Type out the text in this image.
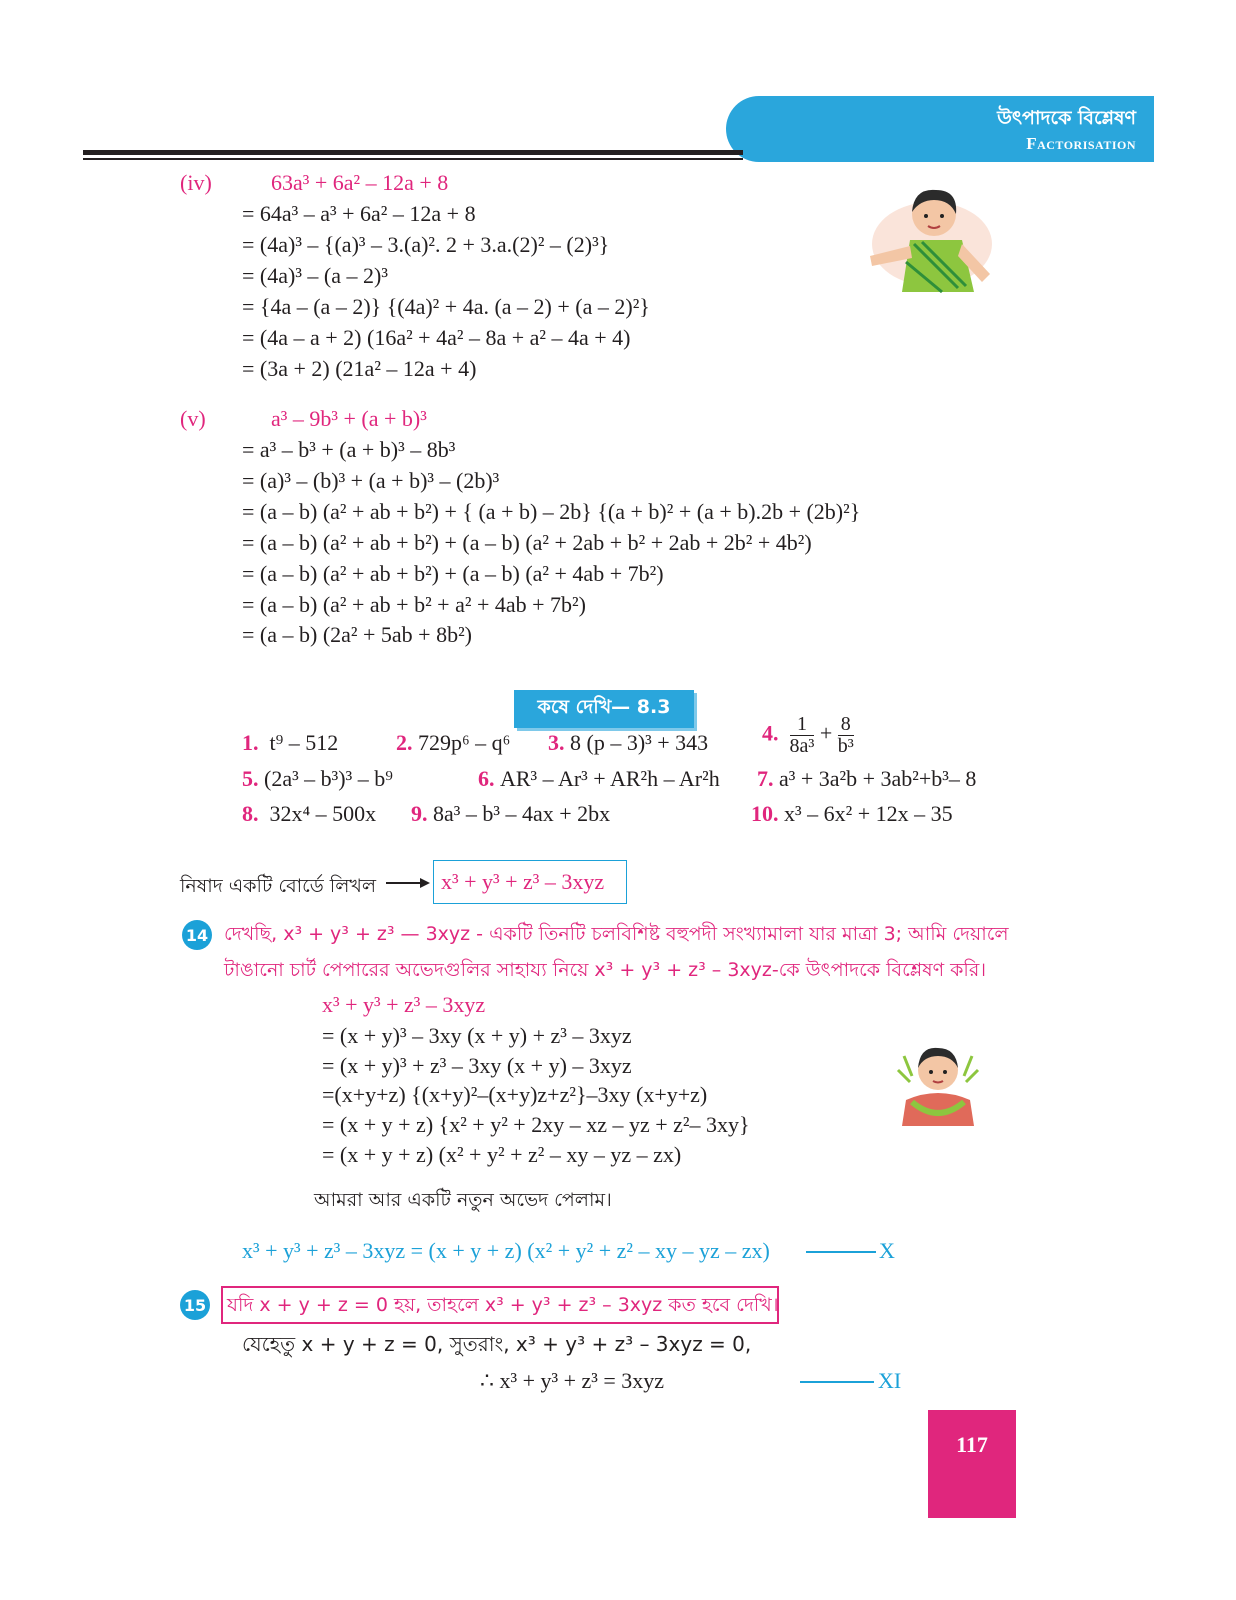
উৎপাদকে বিশ্লেষণ
Factorisation
(iv)	63a³ + 6a² – 12a + 8
= 64a³ – a³ + 6a² – 12a + 8
= (4a)³ – {(a)³ – 3.(a)². 2 + 3.a.(2)² – (2)³}
= (4a)³ – (a – 2)³
= {4a – (a – 2)} {(4a)² + 4a. (a – 2) + (a – 2)²}
= (4a – a + 2) (16a² + 4a² – 8a + a² – 4a + 4)
= (3a + 2) (21a² – 12a + 4)
(v)	a³ – 9b³ + (a + b)³
= a³ – b³ + (a + b)³ – 8b³
= (a)³ – (b)³ + (a + b)³ – (2b)³
= (a – b) (a² + ab + b²) + { (a + b) – 2b} {(a + b)² + (a + b).2b + (2b)²}
= (a – b) (a² + ab + b²) + (a – b) (a² + 2ab + b² + 2ab + 2b² + 4b²)
= (a – b) (a² + ab + b²) + (a – b) (a² + 4ab + 7b²)
= (a – b) (a² + ab + b² + a² + 4ab + 7b²)
= (a – b) (2a² + 5ab + 8b²)
কষে দেখি— 8.3
1. t⁹ – 512	2. 729p⁶ – q⁶ 3. 8 (p – 3)³ + 343 4. $\frac{1}{\text{8a³}} + \frac{8}{\text{b³}}$
5. (2a³ – b³)³ – b⁹	6. AR³ – Ar³ + AR²h – Ar²h 7. a³ + 3a²b + 3ab²+b³– 8
8. 32x⁴ – 500x 9. 8a³ – b³ – 4ax + 2bx	10. x³ – 6x² + 12x – 35
নিষাদ একটি বোর্ডে লিখল	x³ + y³ + z³ – 3xyz
14 দেখছি, x³ + y³ + z³ — 3xyz - একটি তিনটি চলবিশিষ্ট বহুপদী সংখ্যামালা যার মাত্রা 3; আমি দেয়ালে
টাঙানো চার্ট পেপারের অভেদগুলির সাহায্য নিয়ে x³ + y³ + z³ – 3xyz-কে উৎপাদকে বিশ্লেষণ করি।
x³ + y³ + z³ – 3xyz
= (x + y)³ – 3xy (x + y) + z³ – 3xyz
= (x + y)³ + z³ – 3xy (x + y) – 3xyz
=(x+y+z) {(x+y)²–(x+y)z+z²}–3xy (x+y+z)
= (x + y + z) {x² + y² + 2xy – xz – yz + z²– 3xy}
= (x + y + z) (x² + y² + z² – xy – yz – zx)
আমরা আর একটি নতুন অভেদ পেলাম।
x³ + y³ + z³ – 3xyz = (x + y + z) (x² + y² + z² – xy – yz – zx)	X
15 যদি x + y + z = 0 হয়, তাহলে x³ + y³ + z³ – 3xyz কত হবে দেখি।
যেহেতু x + y + z = 0, সুতরাং, x³ + y³ + z³ – 3xyz = 0,
∴ x³ + y³ + z³ = 3xyz	XI
117
